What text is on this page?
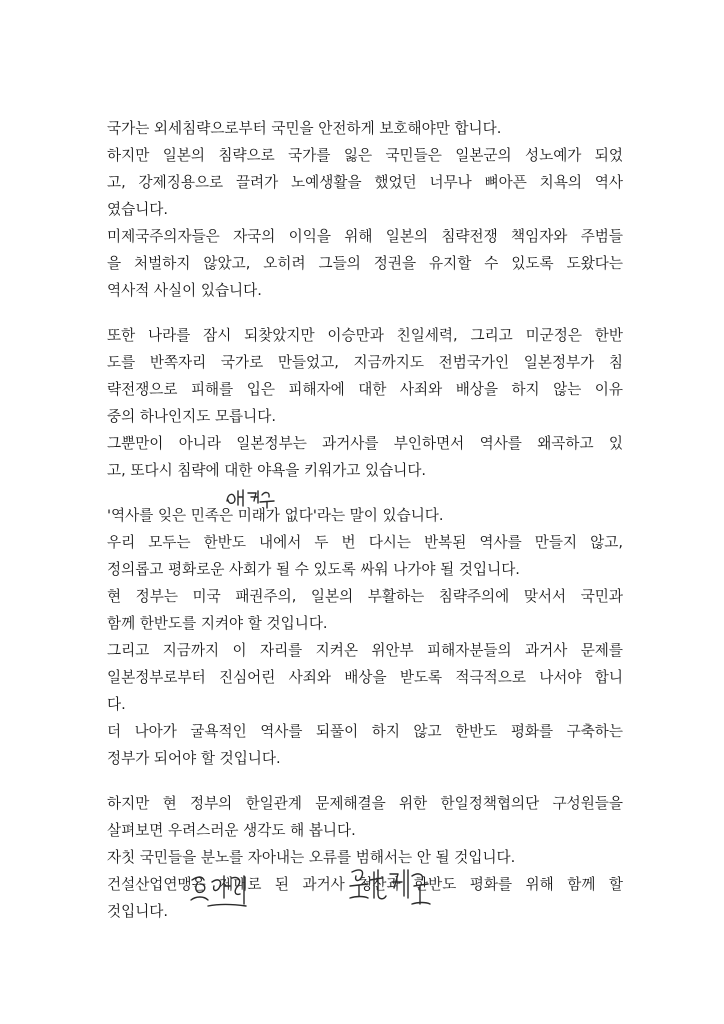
국가는 외세침략으로부터 국민을 안전하게 보호해야만 합니다.
하지만 일본의 침략으로 국가를 잃은 국민들은 일본군의 성노예가 되었
고, 강제징용으로 끌려가 노예생활을 했었던 너무나 뼈아픈 치욕의 역사
였습니다.
미제국주의자들은 자국의 이익을 위해 일본의 침략전쟁 책임자와 주범들
을 처벌하지 않았고, 오히려 그들의 정권을 유지할 수 있도록 도왔다는
역사적 사실이 있습니다.
또한 나라를 잠시 되찾았지만 이승만과 친일세력, 그리고 미군정은 한반
도를 반쪽자리 국가로 만들었고, 지금까지도 전범국가인 일본정부가 침
략전쟁으로 피해를 입은 피해자에 대한 사죄와 배상을 하지 않는 이유
중의 하나인지도 모릅니다.
그뿐만이 아니라 일본정부는 과거사를 부인하면서 역사를 왜곡하고 있
고, 또다시 침략에 대한 야욕을 키워가고 있습니다.
'역사를 잊은 민족은 미래가 없다'라는 말이 있습니다.
우리 모두는 한반도 내에서 두 번 다시는 반복된 역사를 만들지 않고,
정의롭고 평화로운 사회가 될 수 있도록 싸워 나가야 될 것입니다.
현 정부는 미국 패권주의, 일본의 부활하는 침략주의에 맞서서 국민과
함께 한반도를 지켜야 할 것입니다.
그리고 지금까지 이 자리를 지켜온 위안부 피해자분들의 과거사 문제를
일본정부로부터 진심어린 사죄와 배상을 받도록 적극적으로 나서야 합니
다.
더 나아가 굴욕적인 역사를 되풀이 하지 않고 한반도 평화를 구축하는
정부가 되어야 할 것입니다.
하지만 현 정부의 한일관계 문제해결을 위한 한일정책협의단 구성원들을
살펴보면 우려스러운 생각도 해 봅니다.
자칫 국민들을 분노를 자아내는 오류를 범해서는 안 될 것입니다.
건설산업연맹은 제대로 된 과거사 청산과 한반도 평화를 위해 함께 할
것입니다.
